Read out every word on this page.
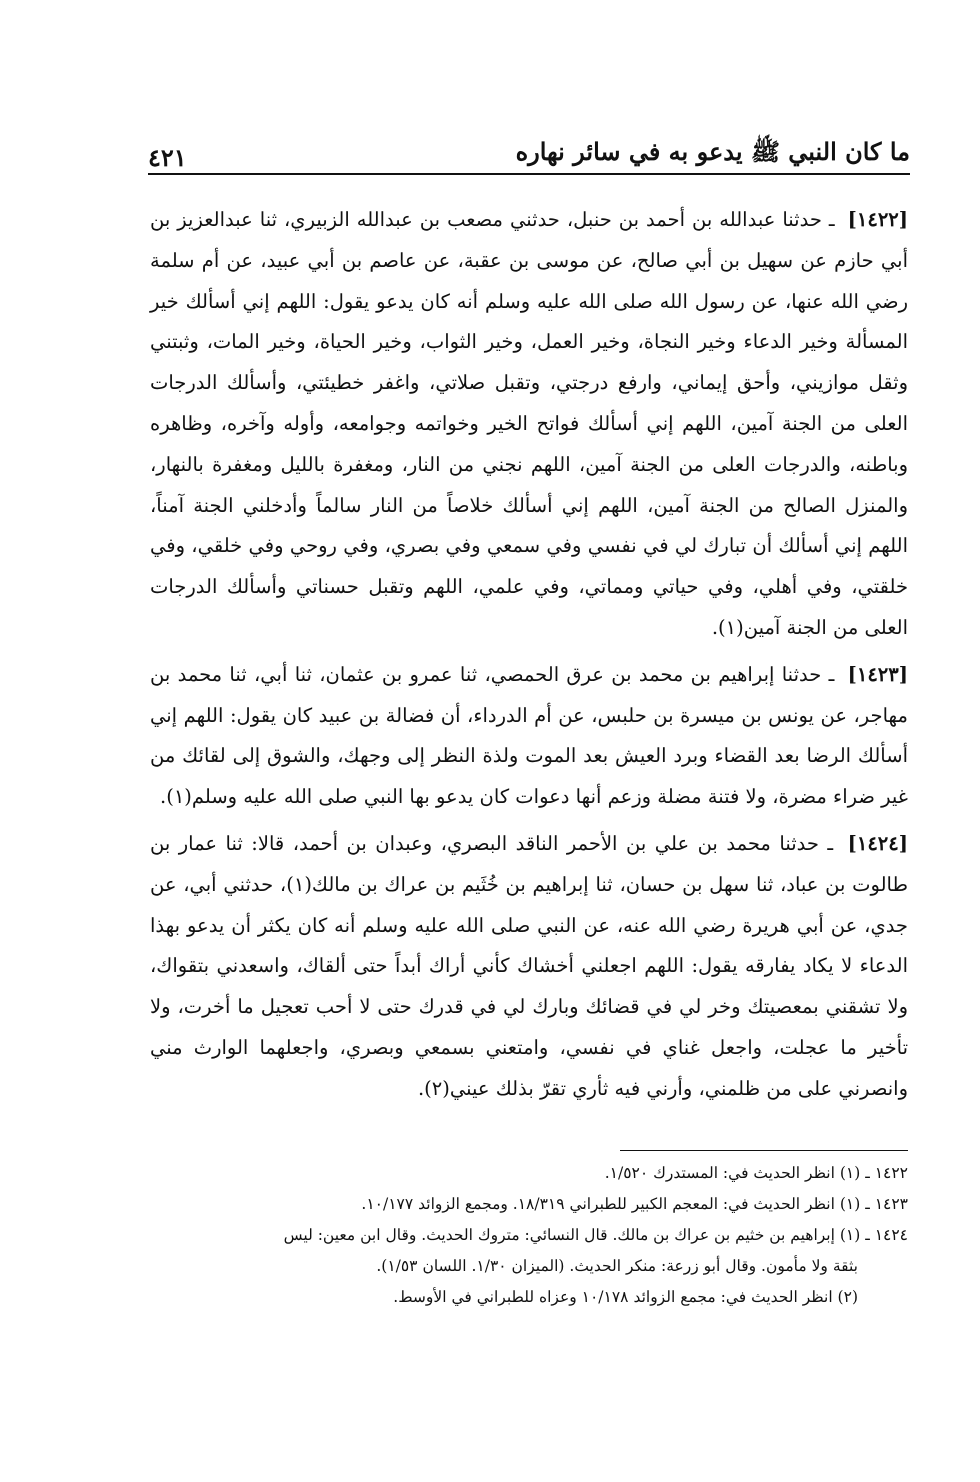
ما كان النبي ﷺ يدعو به في سائر نهاره
٤٢١

[١٤٢٢] ـ حدثنا عبدالله بن أحمد بن حنبل، حدثني مصعب بن عبدالله الزبيري، ثنا عبدالعزيز بن أبي حازم عن سهيل بن أبي صالح، عن موسى بن عقبة، عن عاصم بن أبي عبيد، عن أم سلمة رضي الله عنها، عن رسول الله صلى الله عليه وسلم أنه كان يدعو يقول: اللهم إني أسألك خير المسألة وخير الدعاء وخير النجاة، وخير العمل، وخير الثواب، وخير الحياة، وخير المات، وثبتني وثقل موازيني، وأحق إيماني، وارفع درجتي، وتقبل صلاتي، واغفر خطيئتي، وأسألك الدرجات العلى من الجنة آمين، اللهم إني أسألك فواتح الخير وخواتمه وجوامعه، وأوله وآخره، وظاهره وباطنه، والدرجات العلى من الجنة آمين، اللهم نجني من النار، ومغفرة بالليل ومغفرة بالنهار، والمنزل الصالح من الجنة آمين، اللهم إني أسألك خلاصاً من النار سالماً وأدخلني الجنة آمناً، اللهم إني أسألك أن تبارك لي في نفسي وفي سمعي وفي بصري، وفي روحي وفي خلقي، وفي خلقتي، وفي أهلي، وفي حياتي ومماتي، وفي علمي، اللهم وتقبل حسناتي وأسألك الدرجات العلى من الجنة آمين(١).

[١٤٢٣] ـ حدثنا إبراهيم بن محمد بن عرق الحمصي، ثنا عمرو بن عثمان، ثنا أبي، ثنا محمد بن مهاجر، عن يونس بن ميسرة بن حلبس، عن أم الدرداء، أن فضالة بن عبيد كان يقول: اللهم إني أسألك الرضا بعد القضاء وبرد العيش بعد الموت ولذة النظر إلى وجهك، والشوق إلى لقائك من غير ضراء مضرة، ولا فتنة مضلة وزعم أنها دعوات كان يدعو بها النبي صلى الله عليه وسلم(١).

[١٤٢٤] ـ حدثنا محمد بن علي بن الأحمر الناقد البصري، وعبدان بن أحمد، قالا: ثنا عمار بن طالوت بن عباد، ثنا سهل بن حسان، ثنا إبراهيم بن خُثَيم بن عراك بن مالك(١)، حدثني أبي، عن جدي، عن أبي هريرة رضي الله عنه، عن النبي صلى الله عليه وسلم أنه كان يكثر أن يدعو بهذا الدعاء لا يكاد يفارقه يقول: اللهم اجعلني أخشاك كأني أراك أبداً حتى ألقاك، واسعدني بتقواك، ولا تشقني بمعصيتك وخر لي في قضائك وبارك لي في قدرك حتى لا أحب تعجيل ما أخرت، ولا تأخير ما عجلت، واجعل غناي في نفسي، وامتعني بسمعي وبصري، واجعلهما الوارث مني وانصرني على من ظلمني، وأرني فيه ثأري تقرّ بذلك عيني(٢).

١٤٢٢ ـ (١) انظر الحديث في: المستدرك ١/٥٢٠.

١٤٢٣ ـ (١) انظر الحديث في: المعجم الكبير للطبراني ١٨/٣١٩. ومجمع الزوائد ١٠/١٧٧.

١٤٢٤ ـ (١) إبراهيم بن خثيم بن عراك بن مالك. قال النسائي: متروك الحديث. وقال ابن معين: ليس

بثقة ولا مأمون. وقال أبو زرعة: منكر الحديث. (الميزان ١/٣٠. اللسان ١/٥٣).

(٢) انظر الحديث في: مجمع الزوائد ١٠/١٧٨ وعزاه للطبراني في الأوسط.
